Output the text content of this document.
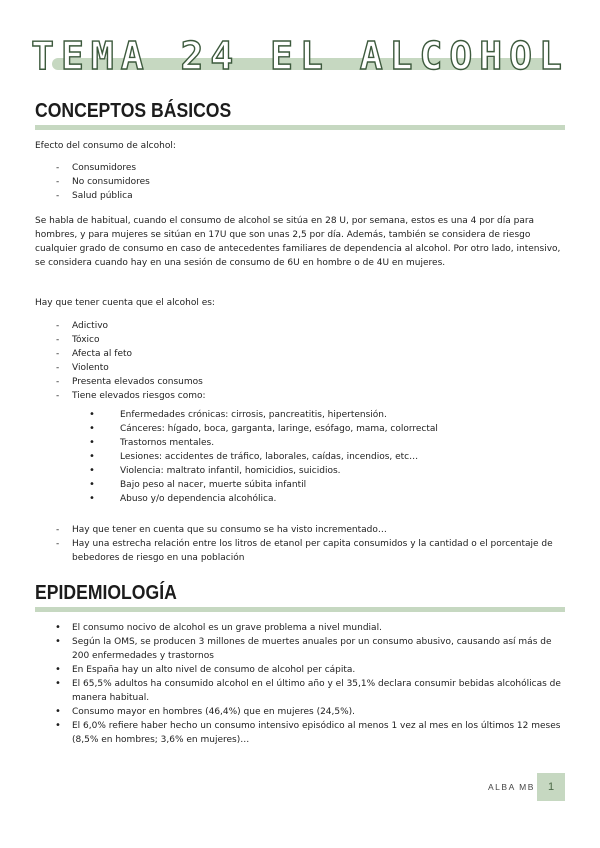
TEMA 24 EL ALCOHOL
CONCEPTOS BÁSICOS
Efecto del consumo de alcohol:
- Consumidores
- No consumidores
- Salud pública

Se habla de habitual, cuando el consumo de alcohol se sitúa en 28 U, por semana, estos es una 4 por día para hombres, y para mujeres se sitúan en 17U que son unas 2,5 por día. Además, también se considera de riesgo cualquier grado de consumo en caso de antecedentes familiares de dependencia al alcohol. Por otro lado, intensivo, se considera cuando hay en una sesión de consumo de 6U en hombre o de 4U en mujeres.

Hay que tener cuenta que el alcohol es:
- Adictivo
- Tóxico
- Afecta al feto
- Violento
- Presenta elevados consumos
- Tiene elevados riesgos como:
• Enfermedades crónicas: cirrosis, pancreatitis, hipertensión.
• Cánceres: hígado, boca, garganta, laringe, esófago, mama, colorrectal
• Trastornos mentales.
• Lesiones: accidentes de tráfico, laborales, caídas, incendios, etc…
• Violencia: maltrato infantil, homicidios, suicidios.
• Bajo peso al nacer, muerte súbita infantil
• Abuso y/o dependencia alcohólica.
- Hay que tener en cuenta que su consumo se ha visto incrementado…
- Hay una estrecha relación entre los litros de etanol per capita consumidos y la cantidad o el porcentaje de bebedores de riesgo en una población
EPIDEMIOLOGÍA
• El consumo nocivo de alcohol es un grave problema a nivel mundial.
• Según la OMS, se producen 3 millones de muertes anuales por un consumo abusivo, causando así más de 200 enfermedades y trastornos
• En España hay un alto nivel de consumo de alcohol per cápita.
• El 65,5% adultos ha consumido alcohol en el último año y el 35,1% declara consumir bebidas alcohólicas de manera habitual.
• Consumo mayor en hombres (46,4%) que en mujeres (24,5%).
• El 6,0% refiere haber hecho un consumo intensivo episódico al menos 1 vez al mes en los últimos 12 meses (8,5% en hombres; 3,6% en mujeres)…
ALBA MB	1
